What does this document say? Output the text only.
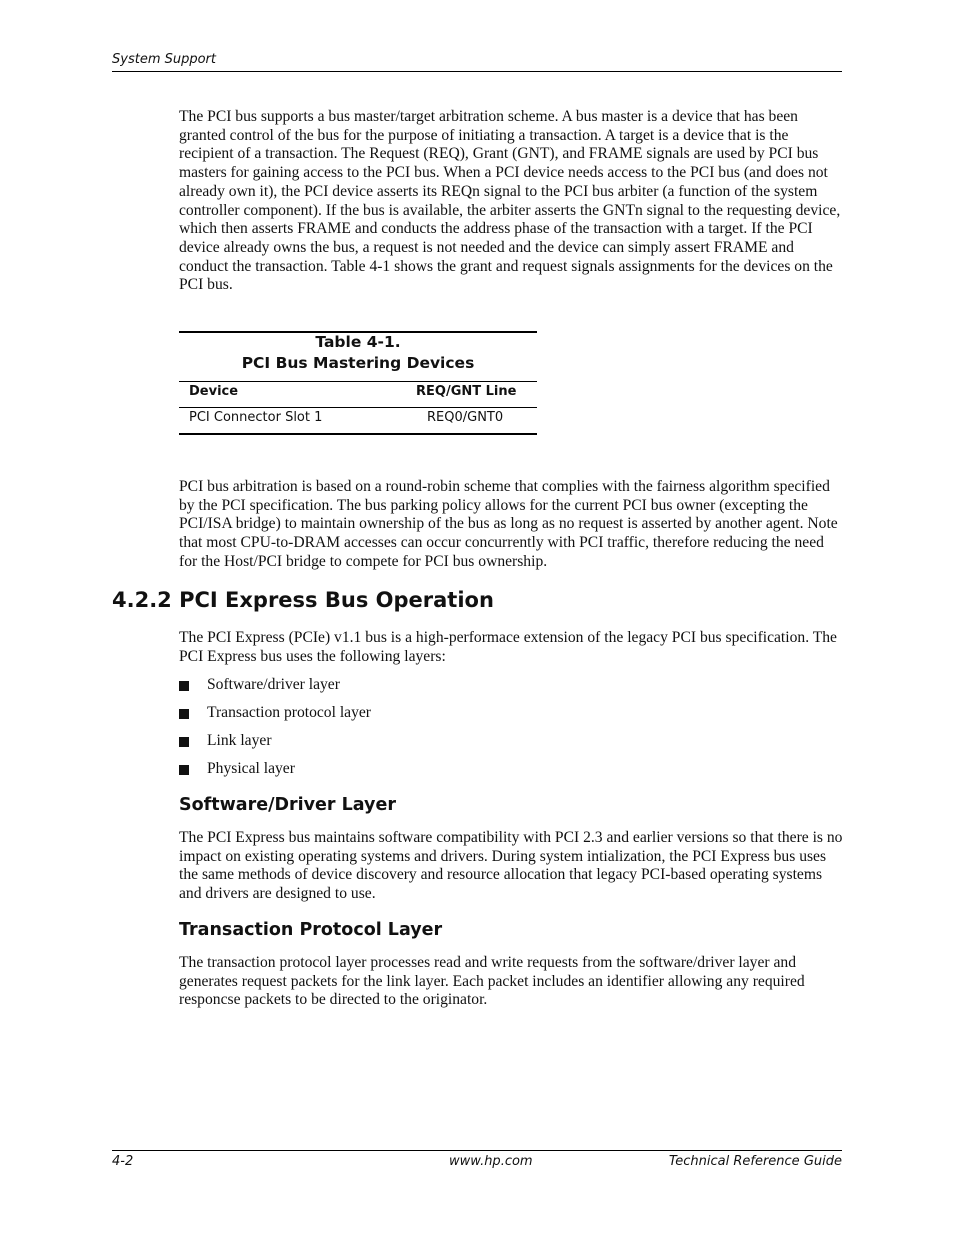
System Support
The PCI bus supports a bus master/target arbitration scheme. A bus master is a device that has been granted control of the bus for the purpose of initiating a transaction. A target is a device that is the recipient of a transaction. The Request (REQ), Grant (GNT), and FRAME signals are used by PCI bus masters for gaining access to the PCI bus. When a PCI device needs access to the PCI bus (and does not already own it), the PCI device asserts its REQn signal to the PCI bus arbiter (a function of the system controller component). If the bus is available, the arbiter asserts the GNTn signal to the requesting device, which then asserts FRAME and conducts the address phase of the transaction with a target. If the PCI device already owns the bus, a request is not needed and the device can simply assert FRAME and conduct the transaction. Table 4-1 shows the grant and request signals assignments for the devices on the PCI bus.
Table 4-1.
PCI Bus Mastering Devices
Device	REQ/GNT Line
PCI Connector Slot 1	REQ0/GNT0
PCI bus arbitration is based on a round-robin scheme that complies with the fairness algorithm specified by the PCI specification. The bus parking policy allows for the current PCI bus owner (excepting the PCI/ISA bridge) to maintain ownership of the bus as long as no request is asserted by another agent. Note that most CPU-to-DRAM accesses can occur concurrently with PCI traffic, therefore reducing the need for the Host/PCI bridge to compete for PCI bus ownership.
4.2.2 PCI Express Bus Operation
The PCI Express (PCIe) v1.1 bus is a high-performace extension of the legacy PCI bus specification. The PCI Express bus uses the following layers:
Software/driver layer
Transaction protocol layer
Link layer
Physical layer
Software/Driver Layer
The PCI Express bus maintains software compatibility with PCI 2.3 and earlier versions so that there is no impact on existing operating systems and drivers. During system intialization, the PCI Express bus uses the same methods of device discovery and resource allocation that legacy PCI-based operating systems and drivers are designed to use.
Transaction Protocol Layer
The transaction protocol layer processes read and write requests from the software/driver layer and generates request packets for the link layer. Each packet includes an identifier allowing any required responcse packets to be directed to the originator.
4-2	www.hp.com	Technical Reference Guide
